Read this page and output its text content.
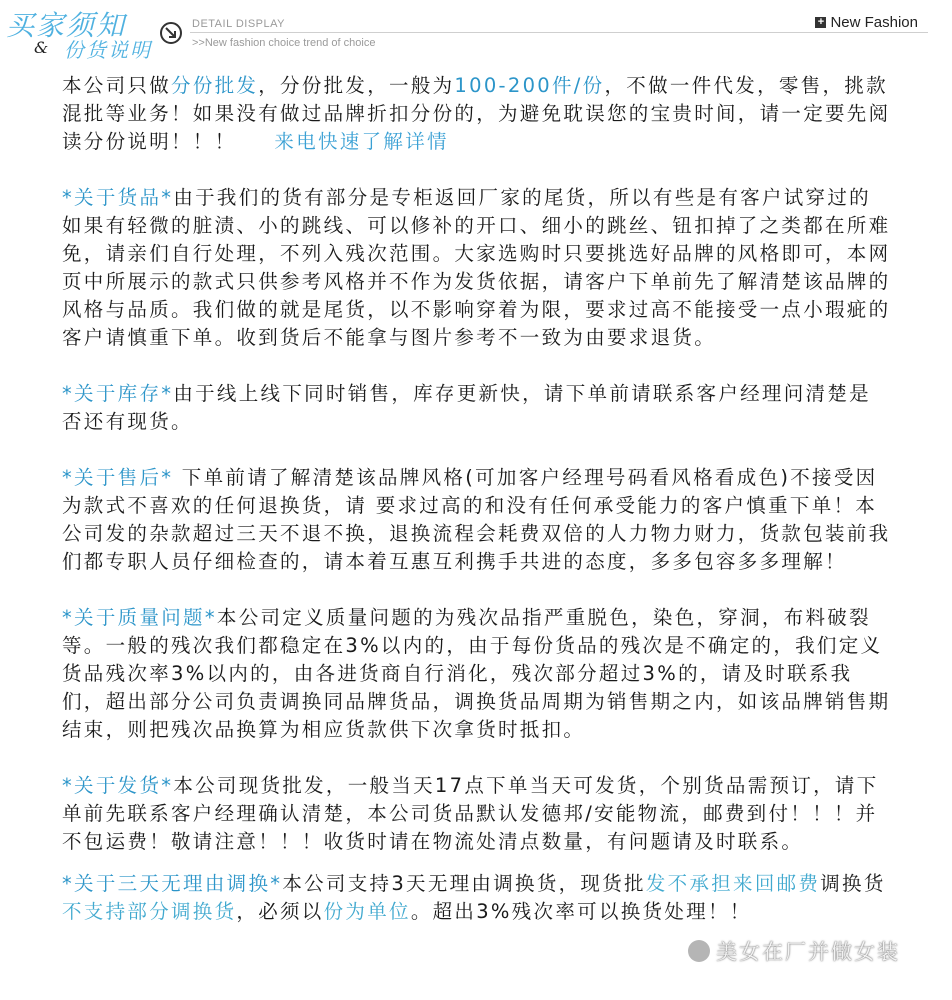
买家须知
& 份货说明
DETAIL DISPLAY
>>New fashion choice trend of choice
+ New Fashion

本公司只做分份批发，分份批发，一般为100-200件/份，不做一件代发，零售，挑款混批等业务！如果没有做过品牌折扣分份的，为避免耽误您的宝贵时间，请一定要先阅读分份说明！！！ 来电快速了解详情

*关于货品*由于我们的货有部分是专柜返回厂家的尾货，所以有些是有客户试穿过的如果有轻微的脏渍、小的跳线、可以修补的开口、细小的跳丝、钮扣掉了之类都在所难免，请亲们自行处理，不列入残次范围。大家选购时只要挑选好品牌的风格即可，本网页中所展示的款式只供参考风格并不作为发货依据，请客户下单前先了解清楚该品牌的风格与品质。我们做的就是尾货，以不影响穿着为限，要求过高不能接受一点小瑕疵的客户请慎重下单。收到货后不能拿与图片参考不一致为由要求退货。

*关于库存*由于线上线下同时销售，库存更新快，请下单前请联系客户经理问清楚是否还有现货。

*关于售后* 下单前请了解清楚该品牌风格(可加客户经理号码看风格看成色)不接受因为款式不喜欢的任何退换货，请 要求过高的和没有任何承受能力的客户慎重下单！本公司发的杂款超过三天不退不换，退换流程会耗费双倍的人力物力财力，货款包装前我们都专职人员仔细检查的，请本着互惠互利携手共进的态度，多多包容多多理解！

*关于质量问题*本公司定义质量问题的为残次品指严重脱色，染色，穿洞，布料破裂等。一般的残次我们都稳定在3%以内的，由于每份货品的残次是不确定的，我们定义货品残次率3%以内的，由各进货商自行消化，残次部分超过3%的，请及时联系我们，超出部分公司负责调换同品牌货品，调换货品周期为销售期之内，如该品牌销售期结束，则把残次品换算为相应货款供下次拿货时抵扣。

*关于发货*本公司现货批发，一般当天17点下单当天可发货，个别货品需预订，请下单前先联系客户经理确认清楚，本公司货品默认发德邦/安能物流，邮费到付！！！并不包运费！敬请注意！！！收货时请在物流处清点数量，有问题请及时联系。

*关于三天无理由调换*本公司支持3天无理由调换货，现货批发不承担来回邮费调换货不支持部分调换货，必须以份为单位。超出3%残次率可以换货处理！！

美女在厂并做女装
